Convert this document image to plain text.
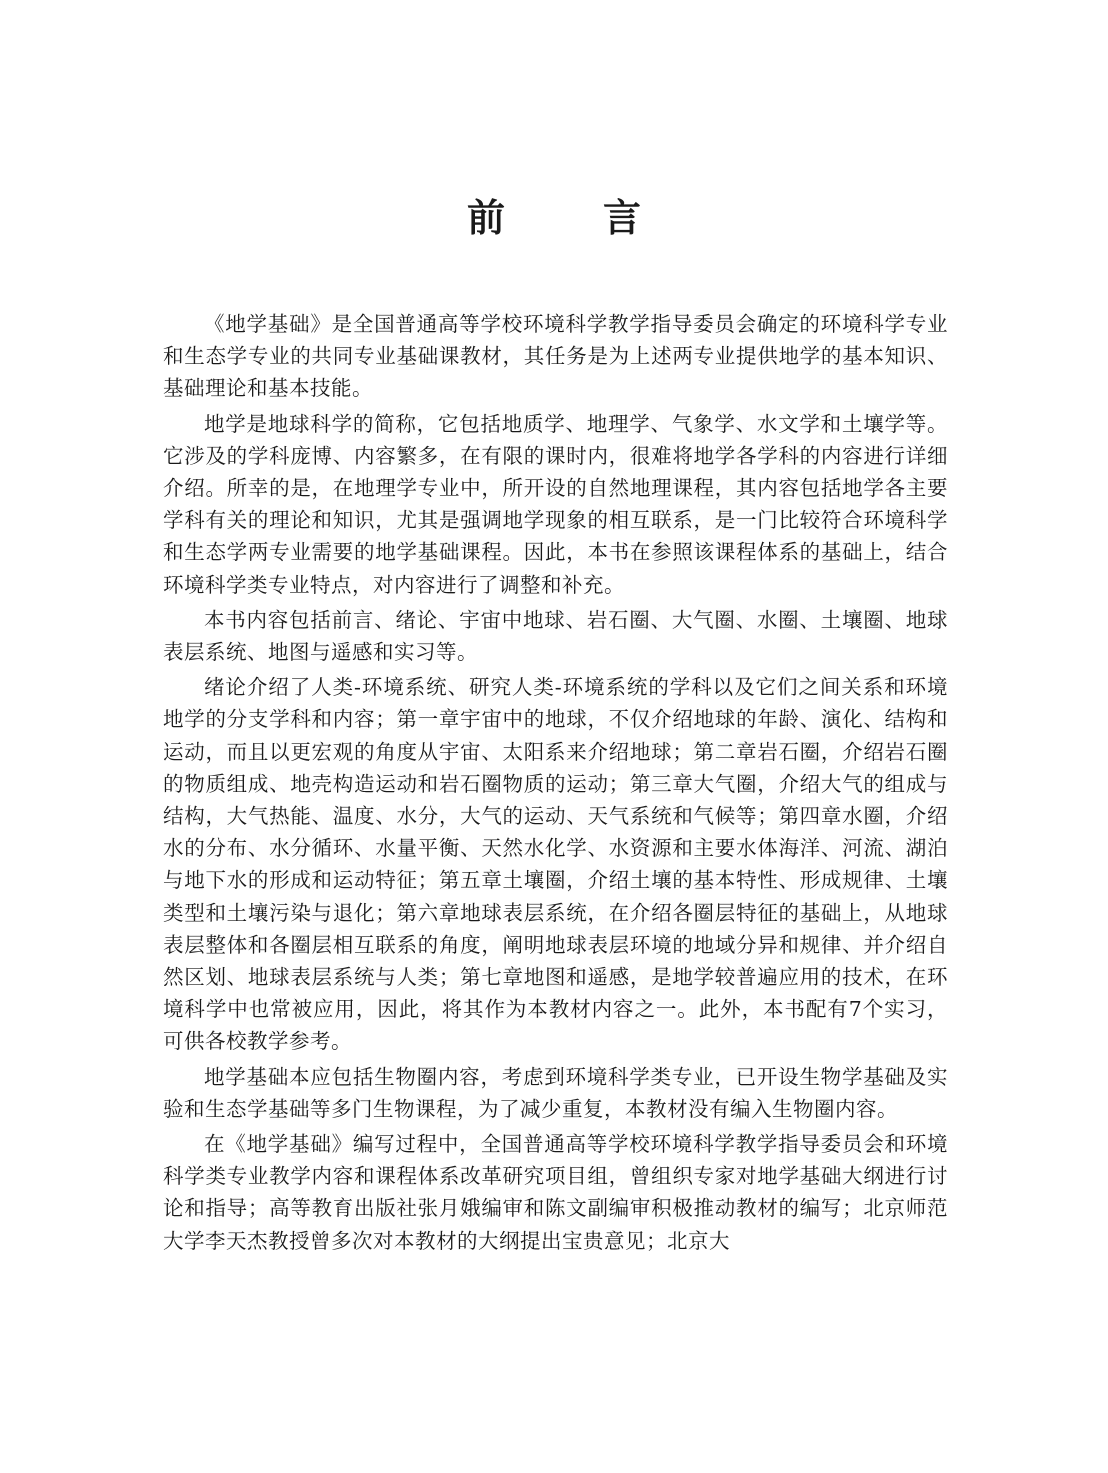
前	言

《地学基础》是全国普通高等学校环境科学教学指导委员会确定的环境科学专业和生态学专业的共同专业基础课教材，其任务是为上述两专业提供地学的基本知识、基础理论和基本技能。

地学是地球科学的简称，它包括地质学、地理学、气象学、水文学和土壤学等。它涉及的学科庞博、内容繁多，在有限的课时内，很难将地学各学科的内容进行详细介绍。所幸的是，在地理学专业中，所开设的自然地理课程，其内容包括地学各主要学科有关的理论和知识，尤其是强调地学现象的相互联系，是一门比较符合环境科学和生态学两专业需要的地学基础课程。因此，本书在参照该课程体系的基础上，结合环境科学类专业特点，对内容进行了调整和补充。

本书内容包括前言、绪论、宇宙中地球、岩石圈、大气圈、水圈、土壤圈、地球表层系统、地图与遥感和实习等。

绪论介绍了人类-环境系统、研究人类-环境系统的学科以及它们之间关系和环境地学的分支学科和内容；第一章宇宙中的地球，不仅介绍地球的年龄、演化、结构和运动，而且以更宏观的角度从宇宙、太阳系来介绍地球；第二章岩石圈，介绍岩石圈的物质组成、地壳构造运动和岩石圈物质的运动；第三章大气圈，介绍大气的组成与结构，大气热能、温度、水分，大气的运动、天气系统和气候等；第四章水圈，介绍水的分布、水分循环、水量平衡、天然水化学、水资源和主要水体海洋、河流、湖泊与地下水的形成和运动特征；第五章土壤圈，介绍土壤的基本特性、形成规律、土壤类型和土壤污染与退化；第六章地球表层系统，在介绍各圈层特征的基础上，从地球表层整体和各圈层相互联系的角度，阐明地球表层环境的地域分异和规律、并介绍自然区划、地球表层系统与人类；第七章地图和遥感，是地学较普遍应用的技术，在环境科学中也常被应用，因此，将其作为本教材内容之一。此外，本书配有7个实习，可供各校教学参考。

地学基础本应包括生物圈内容，考虑到环境科学类专业，已开设生物学基础及实验和生态学基础等多门生物课程，为了减少重复，本教材没有编入生物圈内容。

在《地学基础》编写过程中，全国普通高等学校环境科学教学指导委员会和环境科学类专业教学内容和课程体系改革研究项目组，曾组织专家对地学基础大纲进行讨论和指导；高等教育出版社张月娥编审和陈文副编审积极推动教材的编写；北京师范大学李天杰教授曾多次对本教材的大纲提出宝贵意见；北京大
